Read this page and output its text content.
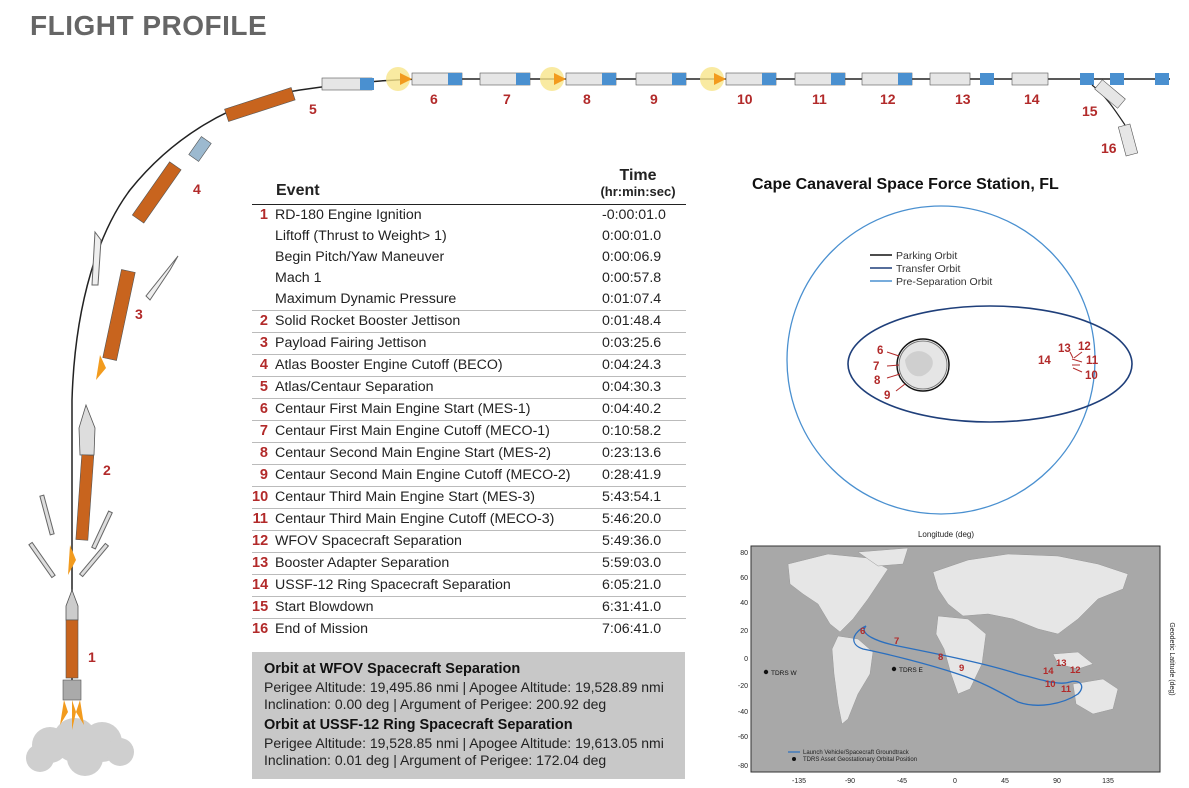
FLIGHT PROFILE
1
2
3
4
5
6	7	8	9	10	11	12	13	14
15
16
Event
Time
(hr:min:sec)
1 RD-180 Engine Ignition	-0:00:01.0
Liftoff (Thrust to Weight> 1)	0:00:01.0
Begin Pitch/Yaw Maneuver	0:00:06.9
Mach 1	0:00:57.8
Maximum Dynamic Pressure	0:01:07.4
2 Solid Rocket Booster Jettison	0:01:48.4
3 Payload Fairing Jettison	0:03:25.6
4 Atlas Booster Engine Cutoff (BECO)	0:04:24.3
5 Atlas/Centaur Separation	0:04:30.3
6 Centaur First Main Engine Start (MES-1)	0:04:40.2
7 Centaur First Main Engine Cutoff (MECO-1)	0:10:58.2
8 Centaur Second Main Engine Start (MES-2)	0:23:13.6
9 Centaur Second Main Engine Cutoff (MECO-2) 0:28:41.9
10 Centaur Third Main Engine Start (MES-3)	5:43:54.1
11 Centaur Third Main Engine Cutoff (MECO-3)	5:46:20.0
12 WFOV Spacecraft Separation	5:49:36.0
13 Booster Adapter Separation	5:59:03.0
14 USSF-12 Ring Spacecraft Separation	6:05:21.0
15 Start Blowdown	6:31:41.0
16 End of Mission	7:06:41.0
Orbit at WFOV Spacecraft Separation
Perigee Altitude: 19,495.86 nmi | Apogee Altitude: 19,528.89 nmi
Inclination: 0.00 deg | Argument of Perigee: 200.92 deg
Orbit at USSF-12 Ring Spacecraft Separation
Perigee Altitude: 19,528.85 nmi | Apogee Altitude: 19,613.05 nmi
Inclination: 0.01 deg | Argument of Perigee: 172.04 deg
Cape Canaveral Space Force Station, FL
Parking Orbit
Transfer Orbit
Pre-Separation Orbit
6
7
8
9
10
11
12
13
14
Longitude (deg)
80
60
40
20
0
-20
-40
-60
-80
-135	-90	-45	0	45	90	135
Geodetic Latitude (deg)
TDRS W	TDRS E
6
7
8
9
10 11
12
13
14
Launch Vehicle/Spacecraft Groundtrack
TDRS Asset Geostationary Orbital Position
